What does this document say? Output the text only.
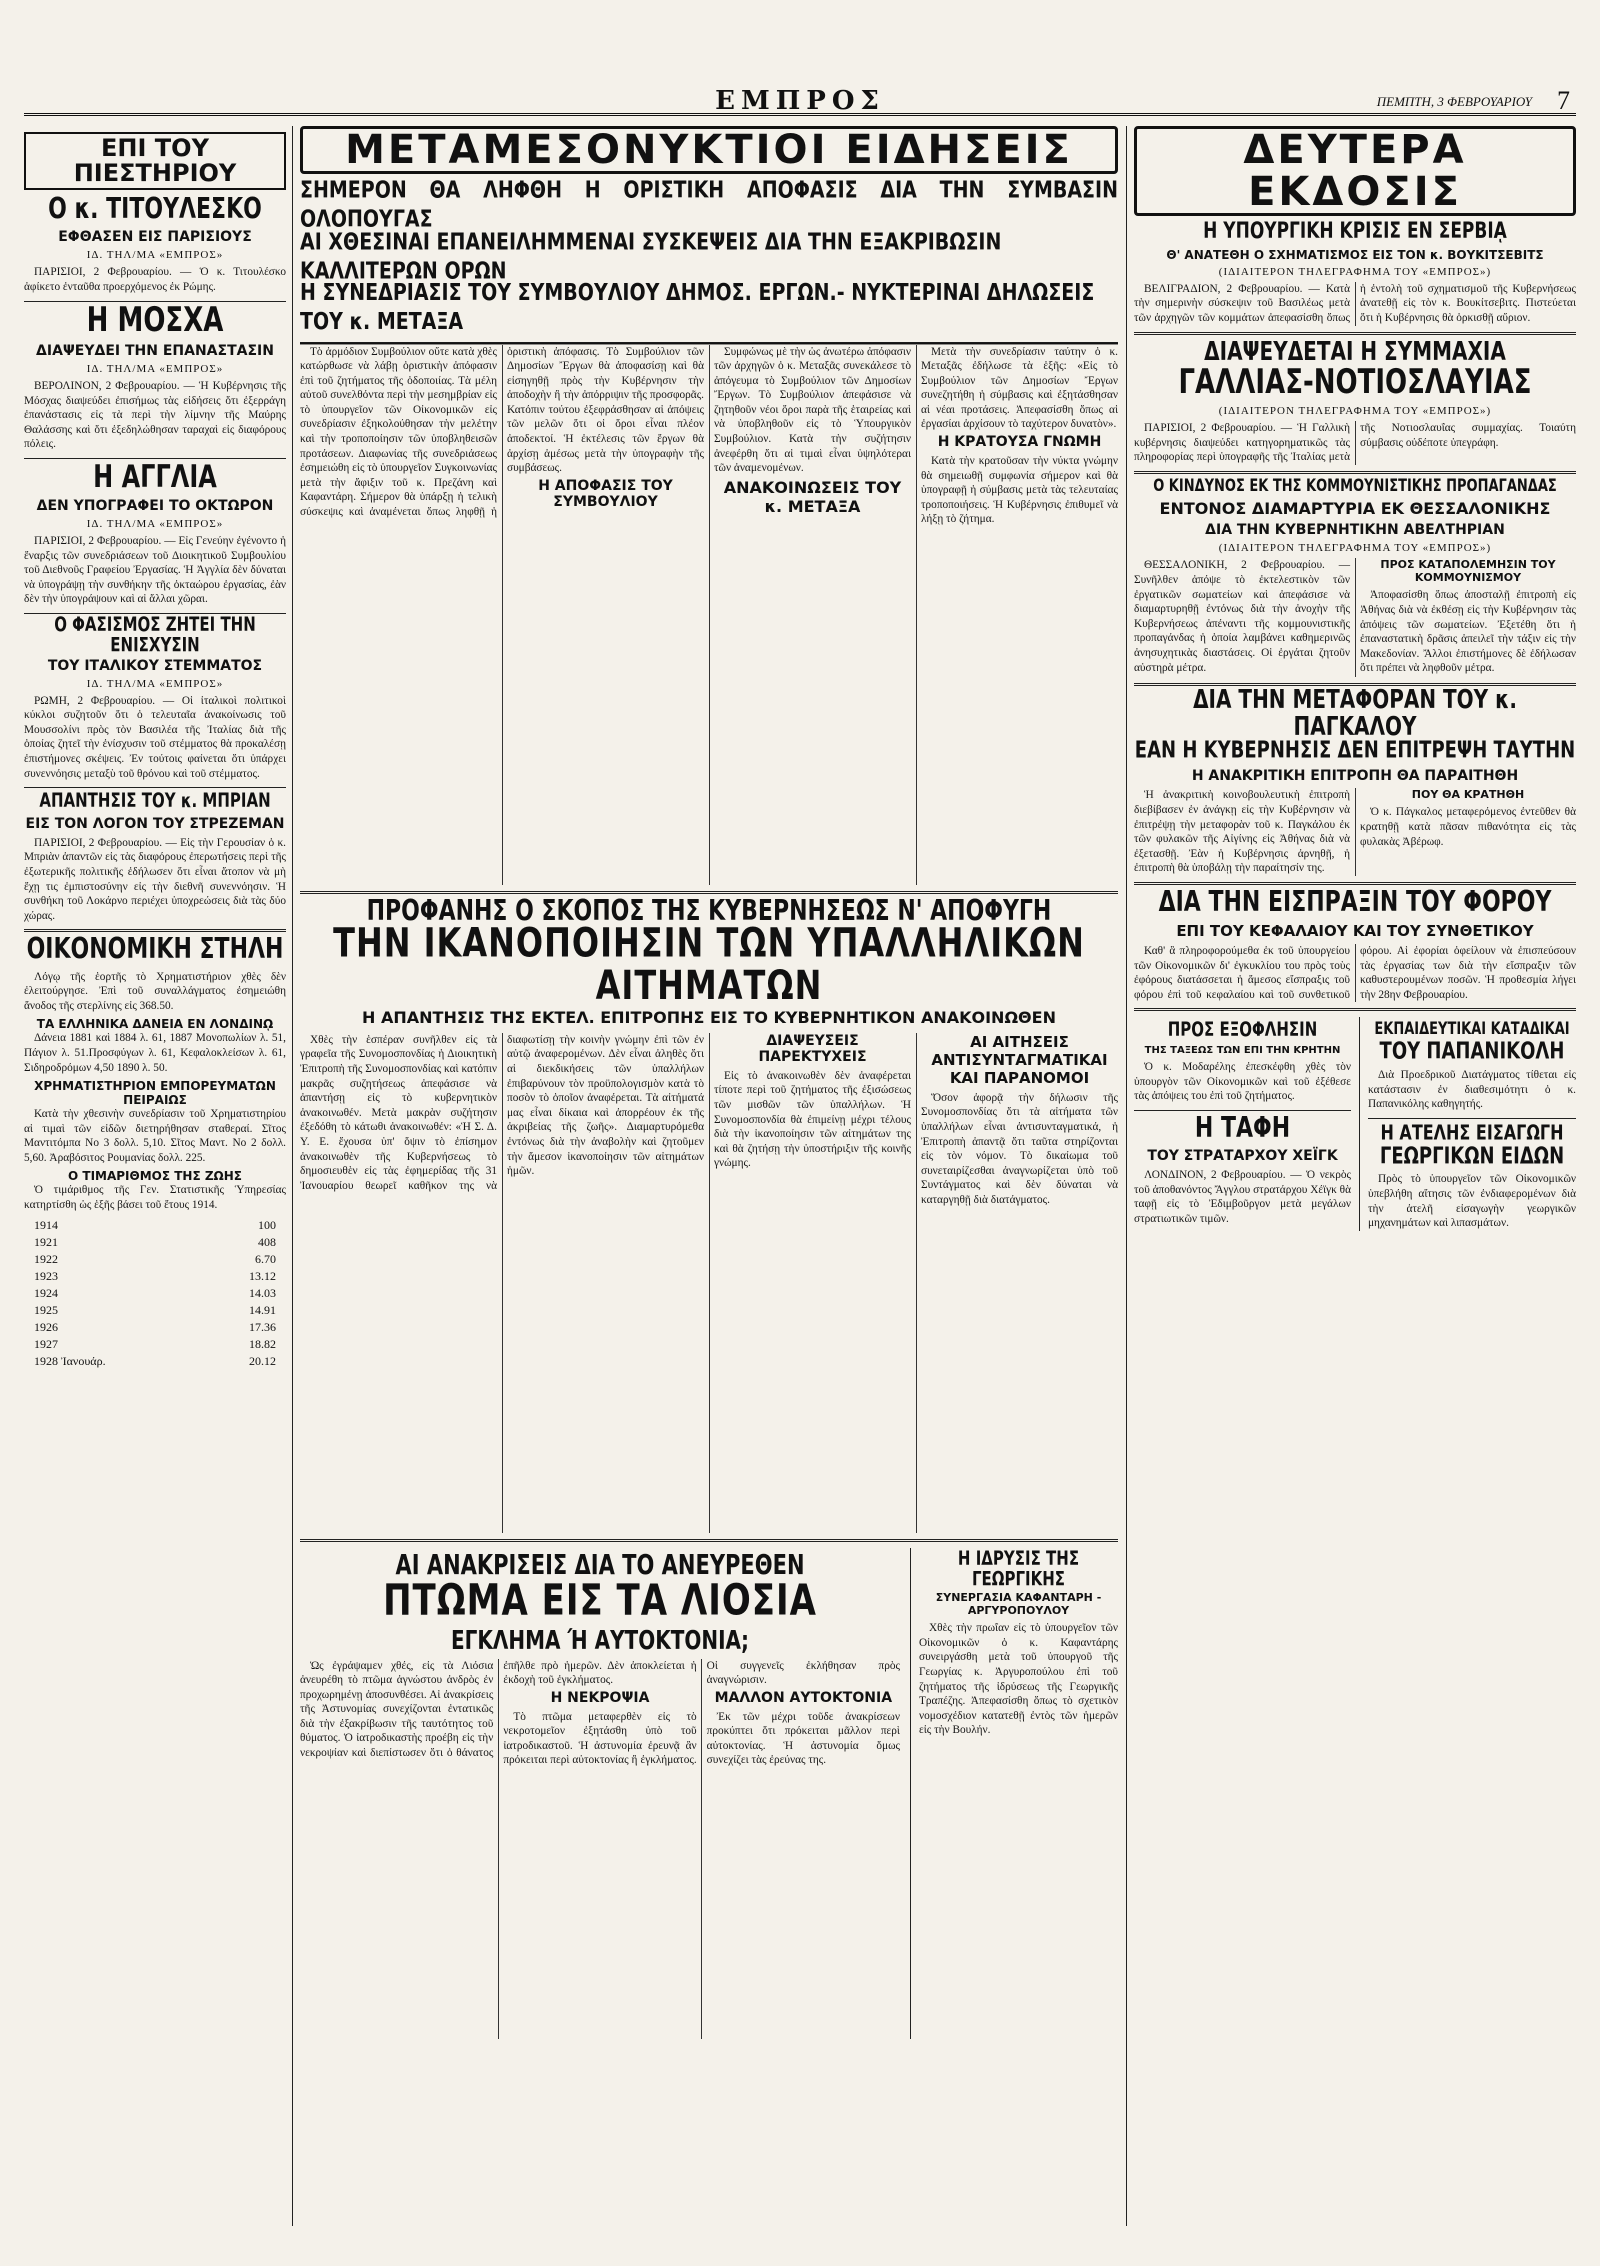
ΕΜΠΡΟΣ	ΠΕΜΠΤΗ, 3 ΦΕΒΡΟΥΑΡΙΟΥ 7
ΕΠΙ ΤΟΥ ΠΙΕΣΤΗΡΙΟΥ
Ο κ. ΤΙΤΟΥΛΕΣΚΟ
ΕΦΘΑΣΕΝ ΕΙΣ ΠΑΡΙΣΙΟΥΣ
ΙΔ. ΤΗΛ/ΜΑ «ΕΜΠΡΟΣ»

ΠΑΡΙΣΙΟΙ, 2 Φεβρουαρίου. — Ὁ κ. Τιτουλέσκο ἀφίκετο ἐνταῦθα προερχόμενος ἐκ Ρώμης.

Η ΜΟΣΧΑ
ΔΙΑΨΕΥΔΕΙ ΤΗΝ ΕΠΑΝΑΣΤΑΣΙΝ
ΙΔ. ΤΗΛ/ΜΑ «ΕΜΠΡΟΣ»

ΒΕΡΟΛΙΝΟΝ, 2 Φεβρουαρίου. — Ἡ Κυβέρνησις τῆς Μόσχας διαψεύδει ἐπισήμως τὰς εἰδήσεις ὅτι ἐξερράγη ἐπανάστασις εἰς τὰ περὶ τὴν λίμνην τῆς Μαύρης Θαλάσσης καὶ ὅτι ἐξεδηλώθησαν ταραχαὶ εἰς διαφόρους πόλεις.

Η ΑΓΓΛΙΑ
ΔΕΝ ΥΠΟΓΡΑΦΕΙ ΤΟ ΟΚΤΩΡΟΝ
ΙΔ. ΤΗΛ/ΜΑ «ΕΜΠΡΟΣ»

ΠΑΡΙΣΙΟΙ, 2 Φεβρουαρίου. — Εἰς Γενεύην ἐγένοντο ἡ ἔναρξις τῶν συνεδριάσεων τοῦ Διοικητικοῦ Συμβουλίου τοῦ Διεθνοῦς Γραφείου Ἐργασίας. Ἡ Ἀγγλία δὲν δύναται νὰ ὑπογράψῃ τὴν συνθήκην τῆς ὀκταώρου ἐργασίας, ἐὰν δὲν τὴν ὑπογράψουν καὶ αἱ ἄλλαι χῶραι.

Ο ΦΑΣΙΣΜΟΣ ΖΗΤΕΙ ΤΗΝ ΕΝΙΣΧΥΣΙΝ
ΤΟΥ ΙΤΑΛΙΚΟΥ ΣΤΕΜΜΑΤΟΣ
ΙΔ. ΤΗΛ/ΜΑ «ΕΜΠΡΟΣ»

ΡΩΜΗ, 2 Φεβρουαρίου. — Οἱ ἰταλικοὶ πολιτικοὶ κύκλοι συζητοῦν ὅτι ὁ τελευταῖα ἀνακοίνωσις τοῦ Μουσσολίνι πρὸς τὸν Βασιλέα τῆς Ἰταλίας διὰ τῆς ὁποίας ζητεῖ τὴν ἐνίσχυσιν τοῦ στέμματος θὰ προκαλέσῃ ἐπιστήμονες σκέψεις. Ἐν τούτοις φαίνεται ὅτι ὑπάρχει συνεννόησις μεταξὺ τοῦ θρόνου καὶ τοῦ στέμματος.

ΑΠΑΝΤΗΣΙΣ ΤΟΥ κ. ΜΠΡΙΑΝ
ΕΙΣ ΤΟΝ ΛΟΓΟΝ ΤΟΥ ΣΤΡΕΖΕΜΑΝ

ΠΑΡΙΣΙΟΙ, 2 Φεβρουαρίου. — Εἰς τὴν Γερουσίαν ὁ κ. Μπριὰν ἀπαντῶν εἰς τὰς διαφόρους ἐπερωτήσεις περὶ τῆς ἐξωτερικῆς πολιτικῆς ἐδήλωσεν ὅτι εἶναι ἄτοπον νὰ μὴ ἔχῃ τις ἐμπιστοσύνην εἰς τὴν διεθνῆ συνεννόησιν. Ἡ συνθήκη τοῦ Λοκάρνο περιέχει ὑποχρεώσεις διὰ τὰς δύο χώρας.

ΟΙΚΟΝΟΜΙΚΗ ΣΤΗΛΗ

Λόγῳ τῆς ἑορτῆς τὸ Χρηματιστήριον χθὲς δὲν ἐλειτούργησε. Ἐπὶ τοῦ συναλλάγματος ἐσημειώθη ἄνοδος τῆς στερλίνης εἰς 368.50.

ΤΑ ΕΛΛΗΝΙΚΑ ΔΑΝΕΙΑ ΕΝ ΛΟΝΔΙΝῼ

Δάνεια 1881 καὶ 1884 λ. 61, 1887 Μονοπωλίων λ. 51, Πάγιον λ. 51.Προσφύγων λ. 61, Κεφαλοκλείσων λ. 61, Σιδηροδρόμων 4,50 1890 λ. 50.

ΧΡΗΜΑΤΙΣΤΗΡΙΟΝ ΕΜΠΟΡΕΥΜΑΤΩΝ ΠΕΙΡΑΙΩΣ

Κατὰ τὴν χθεσινὴν συνεδρίασιν τοῦ Χρηματιστηρίου αἱ τιμαὶ τῶν εἰδῶν διετηρήθησαν σταθεραί. Σῖτος Μαντιτόμπα Νο 3 δολλ. 5,10. Σῖτος Μαντ. Νο 2 δολλ. 5,60. Ἀραβόσιτος Ρουμανίας δολλ. 225.

Ο ΤΙΜΑΡΙΘΜΟΣ ΤΗΣ ΖΩΗΣ

Ὁ τιμάριθμος τῆς Γεν. Στατιστικῆς Ὑπηρεσίας κατηρτίσθη ὡς ἑξῆς βάσει τοῦ ἔτους 1914.

1914	100
1921	408
1922	6.70
1923	13.12
1924	14.03
1925	14.91
1926	17.36
1927	18.82
1928 Ἰανουάρ.	20.12
ΜΕΤΑΜΕΣΟΝΥΚΤΙΟΙ ΕΙΔΗΣΕΙΣ
ΣΗΜΕΡΟΝ ΘΑ ΛΗΦΘΗ Η ΟΡΙΣΤΙΚΗ ΑΠΟΦΑΣΙΣ ΔΙΑ ΤΗΝ ΣΥΜΒΑΣΙΝ ΟΛΟΠΟΥΓΑΣ
ΑΙ ΧΘΕΣΙΝΑΙ ΕΠΑΝΕΙΛΗΜΜΕΝΑΙ ΣΥΣΚΕΨΕΙΣ ΔΙΑ ΤΗΝ ΕΞΑΚΡΙΒΩΣΙΝ ΚΑΛΛΙΤΕΡΩΝ ΟΡΩΝ
Η ΣΥΝΕΔΡΙΑΣΙΣ ΤΟΥ ΣΥΜΒΟΥΛΙΟΥ ΔΗΜΟΣ. ΕΡΓΩΝ.- ΝΥΚΤΕΡΙΝΑΙ ΔΗΛΩΣΕΙΣ ΤΟΥ κ. ΜΕΤΑΞΑ

Τὸ ἁρμόδιον Συμβούλιον οὔτε κατὰ χθὲς κατώρθωσε νὰ λάβῃ ὁριστικὴν ἀπόφασιν ἐπὶ τοῦ ζητήματος τῆς ὁδοποιίας. Τὰ μέλη αὐτοῦ συνελθόντα περὶ τὴν μεσημβρίαν εἰς τὸ ὑπουργεῖον τῶν Οἰκονομικῶν εἰς συνεδρίασιν ἐξηκολούθησαν τὴν μελέτην καὶ τὴν τροποποίησιν τῶν ὑποβληθεισῶν προτάσεων. Διαφωνίας τῆς συνεδριάσεως ἐσημειώθη εἰς τὸ ὑπουργεῖον Συγκοινωνίας μετὰ τὴν ἄφιξιν τοῦ κ. Πρεζάνη καὶ Καφαντάρη. Σήμερον θὰ ὑπάρξῃ ἡ τελικὴ σύσκεψις καὶ ἀναμένεται ὅπως ληφθῇ ἡ ὁριστικὴ ἀπόφασις. Τὸ Συμβούλιον τῶν Δημοσίων Ἔργων θὰ ἀποφασίσῃ καὶ θὰ εἰσηγηθῇ πρὸς τὴν Κυβέρνησιν τὴν ἀποδοχὴν ἢ τὴν ἀπόρριψιν τῆς προσφορᾶς. Κατόπιν τούτου ἐξεφράσθησαν αἱ ἀπόψεις τῶν μελῶν ὅτι οἱ ὅροι εἶναι πλέον ἀποδεκτοί. Ἡ ἐκτέλεσις τῶν ἔργων θὰ ἀρχίσῃ ἀμέσως μετὰ τὴν ὑπογραφὴν τῆς συμβάσεως.

Η ΑΠΟΦΑΣΙΣ ΤΟΥ ΣΥΜΒΟΥΛΙΟΥ

Συμφώνως μὲ τὴν ὡς ἀνωτέρω ἀπόφασιν τῶν ἀρχηγῶν ὁ κ. Μεταξᾶς συνεκάλεσε τὸ ἀπόγευμα τὸ Συμβούλιον τῶν Δημοσίων Ἔργων. Τὸ Συμβούλιον ἀπεφάσισε νὰ ζητηθοῦν νέοι ὅροι παρὰ τῆς ἑταιρείας καὶ νὰ ὑποβληθοῦν εἰς τὸ Ὑπουργικὸν Συμβούλιον. Κατὰ τὴν συζήτησιν ἀνεφέρθη ὅτι αἱ τιμαὶ εἶναι ὑψηλότεραι τῶν ἀναμενομένων.

ΑΝΑΚΟΙΝΩΣΕΙΣ ΤΟΥ κ. ΜΕΤΑΞΑ

Μετὰ τὴν συνεδρίασιν ταύτην ὁ κ. Μεταξᾶς ἐδήλωσε τὰ ἑξῆς: «Εἰς τὸ Συμβούλιον τῶν Δημοσίων Ἔργων συνεζητήθη ἡ σύμβασις καὶ ἐξητάσθησαν αἱ νέαι προτάσεις. Ἀπεφασίσθη ὅπως αἱ ἐργασίαι ἀρχίσουν τὸ ταχύτερον δυνατὸν».

Η ΚΡΑΤΟΥΣΑ ΓΝΩΜΗ

Κατὰ τὴν κρατοῦσαν τὴν νύκτα γνώμην θὰ σημειωθῇ συμφωνία σήμερον καὶ θὰ ὑπογραφῇ ἡ σύμβασις μετὰ τὰς τελευταίας τροποποιήσεις. Ἡ Κυβέρνησις ἐπιθυμεῖ νὰ λήξῃ τὸ ζήτημα.

ΠΡΟΦΑΝΗΣ Ο ΣΚΟΠΟΣ ΤΗΣ ΚΥΒΕΡΝΗΣΕΩΣ Ν' ΑΠΟΦΥΓΗ
ΤΗΝ ΙΚΑΝΟΠΟΙΗΣΙΝ ΤΩΝ ΥΠΑΛΛΗΛΙΚΩΝ ΑΙΤΗΜΑΤΩΝ
Η ΑΠΑΝΤΗΣΙΣ ΤΗΣ ΕΚΤΕΛ. ΕΠΙΤΡΟΠΗΣ ΕΙΣ ΤΟ ΚΥΒΕΡΝΗΤΙΚΟΝ ΑΝΑΚΟΙΝΩΘΕΝ

Χθὲς τὴν ἑσπέραν συνῆλθεν εἰς τὰ γραφεῖα τῆς Συνομοσπονδίας ἡ Διοικητικὴ Ἐπιτροπὴ τῆς Συνομοσπονδίας καὶ κατόπιν μακρᾶς συζητήσεως ἀπεφάσισε νὰ ἀπαντήσῃ εἰς τὸ κυβερνητικὸν ἀνακοινωθέν. Μετὰ μακρὰν συζήτησιν ἐξεδόθη τὸ κάτωθι ἀνακοινωθέν: «Ἡ Σ. Δ. Υ. Ε. ἔχουσα ὑπ' ὄψιν τὸ ἐπίσημον ἀνακοινωθὲν τῆς Κυβερνήσεως τὸ δημοσιευθὲν εἰς τὰς ἐφημερίδας τῆς 31 Ἰανουαρίου θεωρεῖ καθῆκον της νὰ διαφωτίσῃ τὴν κοινὴν γνώμην ἐπὶ τῶν ἐν αὐτῷ ἀναφερομένων. Δὲν εἶναι ἀληθὲς ὅτι αἱ διεκδικήσεις τῶν ὑπαλλήλων ἐπιβαρύνουν τὸν προϋπολογισμὸν κατὰ τὸ ποσὸν τὸ ὁποῖον ἀναφέρεται. Τὰ αἰτήματά μας εἶναι δίκαια καὶ ἀπορρέουν ἐκ τῆς ἀκριβείας τῆς ζωῆς». Διαμαρτυρόμεθα ἐντόνως διὰ τὴν ἀναβολὴν καὶ ζητοῦμεν τὴν ἄμεσον ἱκανοποίησιν τῶν αἰτημάτων ἡμῶν.

ΔΙΑΨΕΥΣΕΙΣ ΠΑΡΕΚΤΥΧΕΙΣ

Εἰς τὸ ἀνακοινωθὲν δὲν ἀναφέρεται τίποτε περὶ τοῦ ζητήματος τῆς ἐξισώσεως τῶν μισθῶν τῶν ὑπαλλήλων. Ἡ Συνομοσπονδία θὰ ἐπιμείνῃ μέχρι τέλους διὰ τὴν ἱκανοποίησιν τῶν αἰτημάτων της καὶ θὰ ζητήσῃ τὴν ὑποστήριξιν τῆς κοινῆς γνώμης.

ΑΙ ΑΙΤΗΣΕΙΣ ΑΝΤΙΣΥΝΤΑΓΜΑΤΙΚΑΙ ΚΑΙ ΠΑΡΑΝΟΜΟΙ

Ὅσον ἀφορᾷ τὴν δήλωσιν τῆς Συνομοσπονδίας ὅτι τὰ αἰτήματα τῶν ὑπαλλήλων εἶναι ἀντισυνταγματικά, ἡ Ἐπιτροπὴ ἀπαντᾷ ὅτι ταῦτα στηρίζονται εἰς τὸν νόμον. Τὸ δικαίωμα τοῦ συνεταιρίζεσθαι ἀναγνωρίζεται ὑπὸ τοῦ Συντάγματος καὶ δὲν δύναται νὰ καταργηθῇ διὰ διατάγματος.

ΑΙ ΑΝΑΚΡΙΣΕΙΣ ΔΙΑ ΤΟ ΑΝΕΥΡΕΘΕΝ
ΠΤΩΜΑ ΕΙΣ ΤΑ ΛΙΟΣΙΑ
ΕΓΚΛΗΜΑ Ή ΑΥΤΟΚΤΟΝΙΑ;

Ὡς ἐγράψαμεν χθές, εἰς τὰ Λιόσια ἀνευρέθη τὸ πτῶμα ἀγνώστου ἀνδρὸς ἐν προχωρημένῃ ἀποσυνθέσει. Αἱ ἀνακρίσεις τῆς Ἀστυνομίας συνεχίζονται ἐντατικῶς διὰ τὴν ἐξακρίβωσιν τῆς ταυτότητος τοῦ θύματος. Ὁ ἰατροδικαστὴς προέβη εἰς τὴν νεκροψίαν καὶ διεπίστωσεν ὅτι ὁ θάνατος ἐπῆλθε πρὸ ἡμερῶν. Δὲν ἀποκλείεται ἡ ἐκδοχὴ τοῦ ἐγκλήματος.

Η ΝΕΚΡΟΨΙΑ

Τὸ πτῶμα μεταφερθὲν εἰς τὸ νεκροτομεῖον ἐξητάσθη ὑπὸ τοῦ ἰατροδικαστοῦ. Ἡ ἀστυνομία ἐρευνᾷ ἂν πρόκειται περὶ αὐτοκτονίας ἢ ἐγκλήματος. Οἱ συγγενεῖς ἐκλήθησαν πρὸς ἀναγνώρισιν.

ΜΑΛΛΟΝ ΑΥΤΟΚΤΟΝΙΑ

Ἐκ τῶν μέχρι τοῦδε ἀνακρίσεων προκύπτει ὅτι πρόκειται μᾶλλον περὶ αὐτοκτονίας. Ἡ ἀστυνομία ὅμως συνεχίζει τὰς ἐρεύνας της.

Η ΙΔΡΥΣΙΣ ΤΗΣ ΓΕΩΡΓΙΚΗΣ
ΣΥΝΕΡΓΑΣΙΑ ΚΑΦΑΝΤΑΡΗ - ΑΡΓΥΡΟΠΟΥΛΟΥ

Χθὲς τὴν πρωΐαν εἰς τὸ ὑπουργεῖον τῶν Οἰκονομικῶν ὁ κ. Καφαντάρης συνειργάσθη μετὰ τοῦ ὑπουργοῦ τῆς Γεωργίας κ. Ἀργυροπούλου ἐπὶ τοῦ ζητήματος τῆς ἱδρύσεως τῆς Γεωργικῆς Τραπέζης. Ἀπεφασίσθη ὅπως τὸ σχετικὸν νομοσχέδιον κατατεθῇ ἐντὸς τῶν ἡμερῶν εἰς τὴν Βουλήν.

ΔΕΥΤΕΡΑ ΕΚΔΟΣΙΣ
Η ΥΠΟΥΡΓΙΚΗ ΚΡΙΣΙΣ ΕΝ ΣΕΡΒΙᾼ
Θ' ΑΝΑΤΕΘΗ Ο ΣΧΗΜΑΤΙΣΜΟΣ ΕΙΣ ΤΟΝ κ. ΒΟΥΚΙΤΣΕΒΙΤΣ
(ΙΔΙΑΙΤΕΡΟΝ ΤΗΛΕΓΡΑΦΗΜΑ ΤΟΥ «ΕΜΠΡΟΣ»)

ΒΕΛΙΓΡΑΔΙΟΝ, 2 Φεβρουαρίου. — Κατὰ τὴν σημερινὴν σύσκεψιν τοῦ Βασιλέως μετὰ τῶν ἀρχηγῶν τῶν κομμάτων ἀπεφασίσθη ὅπως ἡ ἐντολὴ τοῦ σχηματισμοῦ τῆς Κυβερνήσεως ἀνατεθῇ εἰς τὸν κ. Βουκίτσεβιτς. Πιστεύεται ὅτι ἡ Κυβέρνησις θὰ ὁρκισθῇ αὔριον.

ΔΙΑΨΕΥΔΕΤΑΙ Η ΣΥΜΜΑΧΙΑ
ΓΑΛΛΙΑΣ-ΝΟΤΙΟΣΛΑΥΙΑΣ
(ΙΔΙΑΙΤΕΡΟΝ ΤΗΛΕΓΡΑΦΗΜΑ ΤΟΥ «ΕΜΠΡΟΣ»)

ΠΑΡΙΣΙΟΙ, 2 Φεβρουαρίου. — Ἡ Γαλλικὴ κυβέρνησις διαψεύδει κατηγορηματικῶς τὰς πληροφορίας περὶ ὑπογραφῆς τῆς Ἰταλίας μετὰ τῆς Νοτιοσλαυΐας συμμαχίας. Τοιαύτη σύμβασις οὐδέποτε ὑπεγράφη.

Ο ΚΙΝΔΥΝΟΣ ΕΚ ΤΗΣ ΚΟΜΜΟΥΝΙΣΤΙΚΗΣ ΠΡΟΠΑΓΑΝΔΑΣ
ΕΝΤΟΝΟΣ ΔΙΑΜΑΡΤΥΡΙΑ ΕΚ ΘΕΣΣΑΛΟΝΙΚΗΣ
ΔΙΑ ΤΗΝ ΚΥΒΕΡΝΗΤΙΚΗΝ ΑΒΕΛΤΗΡΙΑΝ
(ΙΔΙΑΙΤΕΡΟΝ ΤΗΛΕΓΡΑΦΗΜΑ ΤΟΥ «ΕΜΠΡΟΣ»)

ΘΕΣΣΑΛΟΝΙΚΗ, 2 Φεβρουαρίου. — Συνῆλθεν ἀπόψε τὸ ἐκτελεστικὸν τῶν ἐργατικῶν σωματείων καὶ ἀπεφάσισε νὰ διαμαρτυρηθῇ ἐντόνως διὰ τὴν ἀνοχὴν τῆς Κυβερνήσεως ἀπέναντι τῆς κομμουνιστικῆς προπαγάνδας ἡ ὁποία λαμβάνει καθημερινῶς ἀνησυχητικὰς διαστάσεις. Οἱ ἐργάται ζητοῦν αὐστηρὰ μέτρα.

ΠΡΟΣ ΚΑΤΑΠΟΛΕΜΗΣΙΝ ΤΟΥ ΚΟΜΜΟΥΝΙΣΜΟΥ

Ἀποφασίσθη ὅπως ἀποσταλῇ ἐπιτροπὴ εἰς Ἀθήνας διὰ νὰ ἐκθέσῃ εἰς τὴν Κυβέρνησιν τὰς ἀπόψεις τῶν σωματείων. Ἐξετέθη ὅτι ἡ ἐπαναστατικὴ δρᾶσις ἀπειλεῖ τὴν τάξιν εἰς τὴν Μακεδονίαν. Ἄλλοι ἐπιστήμονες δὲ ἐδήλωσαν ὅτι πρέπει νὰ ληφθοῦν μέτρα.

ΔΙΑ ΤΗΝ ΜΕΤΑΦΟΡΑΝ ΤΟΥ κ. ΠΑΓΚΑΛΟΥ
ΕΑΝ Η ΚΥΒΕΡΝΗΣΙΣ ΔΕΝ ΕΠΙΤΡΕΨΗ ΤΑΥΤΗΝ
Η ΑΝΑΚΡΙΤΙΚΗ ΕΠΙΤΡΟΠΗ ΘΑ ΠΑΡΑΙΤΗΘΗ

Ἡ ἀνακριτικὴ κοινοβουλευτικὴ ἐπιτροπὴ διεβίβασεν ἐν ἀνάγκῃ εἰς τὴν Κυβέρνησιν νὰ ἐπιτρέψῃ τὴν μεταφορὰν τοῦ κ. Παγκάλου ἐκ τῶν φυλακῶν τῆς Αἰγίνης εἰς Ἀθήνας διὰ νὰ ἐξετασθῇ. Ἐὰν ἡ Κυβέρνησις ἀρνηθῇ, ἡ ἐπιτροπὴ θὰ ὑποβάλῃ τὴν παραίτησίν της.

ΠΟΥ ΘΑ ΚΡΑΤΗΘΗ

Ὁ κ. Πάγκαλος μεταφερόμενος ἐντεῦθεν θὰ κρατηθῇ κατὰ πᾶσαν πιθανότητα εἰς τὰς φυλακὰς Ἀβέρωφ.

ΔΙΑ ΤΗΝ ΕΙΣΠΡΑΞΙΝ ΤΟΥ ΦΟΡΟΥ
ΕΠΙ ΤΟΥ ΚΕΦΑΛΑΙΟΥ ΚΑΙ ΤΟΥ ΣΥΝΘΕΤΙΚΟΥ

Καθ' ἃ πληροφορούμεθα ἐκ τοῦ ὑπουργείου τῶν Οἰκονομικῶν δι' ἐγκυκλίου του πρὸς τοὺς ἐφόρους διατάσσεται ἡ ἄμεσος εἴσπραξις τοῦ φόρου ἐπὶ τοῦ κεφαλαίου καὶ τοῦ συνθετικοῦ φόρου. Αἱ ἐφορίαι ὀφείλουν νὰ ἐπισπεύσουν τὰς ἐργασίας των διὰ τὴν εἴσπραξιν τῶν καθυστερουμένων ποσῶν. Ἡ προθεσμία λήγει τὴν 28ην Φεβρουαρίου.

ΠΡΟΣ ΕΞΟΦΛΗΣΙΝ
ΤΗΣ ΤΑΞΕΩΣ ΤΩΝ ΕΠΙ ΤΗΝ ΚΡΗΤΗΝ

Ὁ κ. Μοδαρέλης ἐπεσκέφθη χθὲς τὸν ὑπουργὸν τῶν Οἰκονομικῶν καὶ τοῦ ἐξέθεσε τὰς ἀπόψεις του ἐπὶ τοῦ ζητήματος.

Η ΤΑΦΗ
ΤΟΥ ΣΤΡΑΤΑΡΧΟΥ ΧΕΪΓΚ

ΛΟΝΔΙΝΟΝ, 2 Φεβρουαρίου. — Ὁ νεκρὸς τοῦ ἀποθανόντος Ἄγγλου στρατάρχου Χέϊγκ θὰ ταφῇ εἰς τὸ Ἐδιμβοῦργον μετὰ μεγάλων στρατιωτικῶν τιμῶν.

ΕΚΠΑΙΔΕΥΤΙΚΑΙ ΚΑΤΑΔΙΚΑΙ
ΤΟΥ ΠΑΠΑΝΙΚΟΛΗ

Διὰ Προεδρικοῦ Διατάγματος τίθεται εἰς κατάστασιν ἐν διαθεσιμότητι ὁ κ. Παπανικόλης καθηγητής.

Η ΑΤΕΛΗΣ ΕΙΣΑΓΩΓΗ
ΓΕΩΡΓΙΚΩΝ ΕΙΔΩΝ

Πρὸς τὸ ὑπουργεῖον τῶν Οἰκονομικῶν ὑπεβλήθη αἴτησις τῶν ἐνδιαφερομένων διὰ τὴν ἀτελῆ εἰσαγωγὴν γεωργικῶν μηχανημάτων καὶ λιπασμάτων.
